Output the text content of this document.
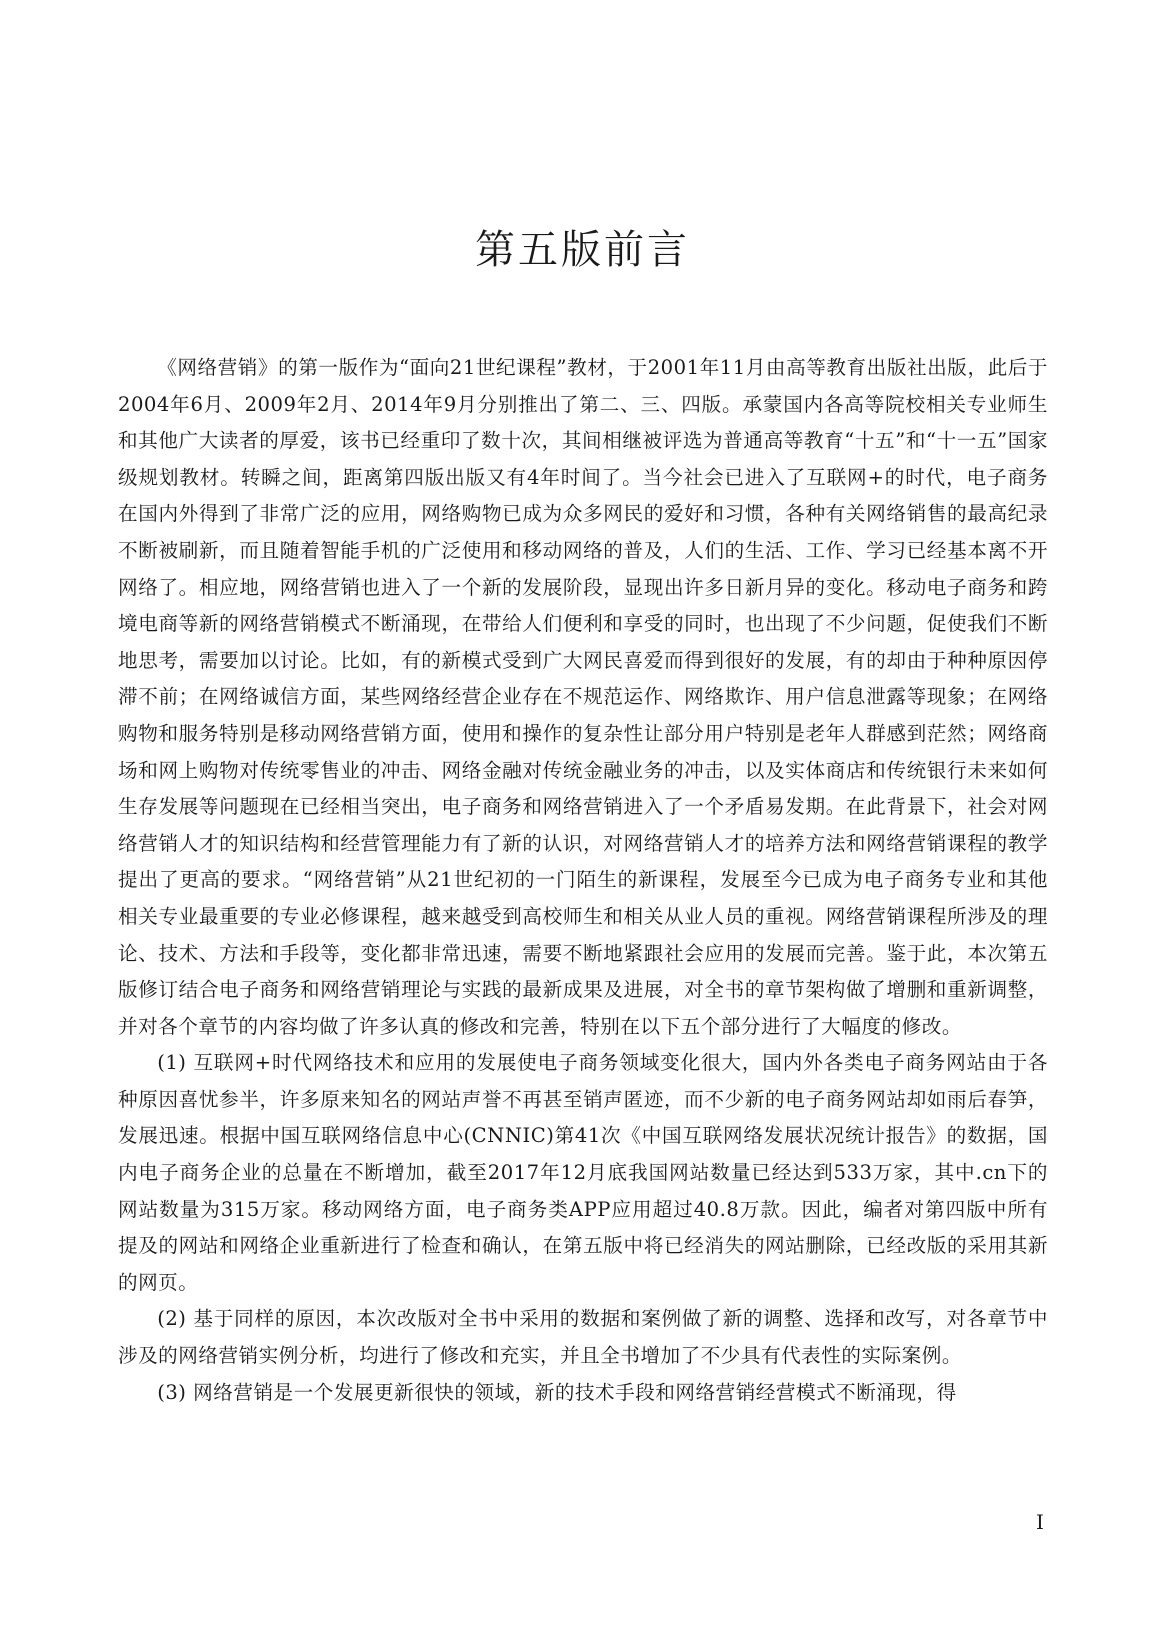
第五版前言

《网络营销》的第一版作为“面向21世纪课程”教材，于2001年11月由高等教育出版社出版，此后于2004年6月、2009年2月、2014年9月分别推出了第二、三、四版。承蒙国内各高等院校相关专业师生和其他广大读者的厚爱，该书已经重印了数十次，其间相继被评选为普通高等教育“十五”和“十一五”国家级规划教材。转瞬之间，距离第四版出版又有4年时间了。当今社会已进入了互联网+的时代，电子商务在国内外得到了非常广泛的应用，网络购物已成为众多网民的爱好和习惯，各种有关网络销售的最高纪录不断被刷新，而且随着智能手机的广泛使用和移动网络的普及，人们的生活、工作、学习已经基本离不开网络了。相应地，网络营销也进入了一个新的发展阶段，显现出许多日新月异的变化。移动电子商务和跨境电商等新的网络营销模式不断涌现，在带给人们便利和享受的同时，也出现了不少问题，促使我们不断地思考，需要加以讨论。比如，有的新模式受到广大网民喜爱而得到很好的发展，有的却由于种种原因停滞不前；在网络诚信方面，某些网络经营企业存在不规范运作、网络欺诈、用户信息泄露等现象；在网络购物和服务特别是移动网络营销方面，使用和操作的复杂性让部分用户特别是老年人群感到茫然；网络商场和网上购物对传统零售业的冲击、网络金融对传统金融业务的冲击，以及实体商店和传统银行未来如何生存发展等问题现在已经相当突出，电子商务和网络营销进入了一个矛盾易发期。在此背景下，社会对网络营销人才的知识结构和经营管理能力有了新的认识，对网络营销人才的培养方法和网络营销课程的教学提出了更高的要求。“网络营销”从21世纪初的一门陌生的新课程，发展至今已成为电子商务专业和其他相关专业最重要的专业必修课程，越来越受到高校师生和相关从业人员的重视。网络营销课程所涉及的理论、技术、方法和手段等，变化都非常迅速，需要不断地紧跟社会应用的发展而完善。鉴于此，本次第五版修订结合电子商务和网络营销理论与实践的最新成果及进展，对全书的章节架构做了增删和重新调整，并对各个章节的内容均做了许多认真的修改和完善，特别在以下五个部分进行了大幅度的修改。

(1) 互联网+时代网络技术和应用的发展使电子商务领域变化很大，国内外各类电子商务网站由于各种原因喜忧参半，许多原来知名的网站声誉不再甚至销声匿迹，而不少新的电子商务网站却如雨后春笋，发展迅速。根据中国互联网络信息中心(CNNIC)第41次《中国互联网络发展状况统计报告》的数据，国内电子商务企业的总量在不断增加，截至2017年12月底我国网站数量已经达到533万家，其中.cn下的网站数量为315万家。移动网络方面，电子商务类APP应用超过40.8万款。因此，编者对第四版中所有提及的网站和网络企业重新进行了检查和确认，在第五版中将已经消失的网站删除，已经改版的采用其新的网页。

(2) 基于同样的原因，本次改版对全书中采用的数据和案例做了新的调整、选择和改写，对各章节中涉及的网络营销实例分析，均进行了修改和充实，并且全书增加了不少具有代表性的实际案例。

(3) 网络营销是一个发展更新很快的领域，新的技术手段和网络营销经营模式不断涌现，得

I
